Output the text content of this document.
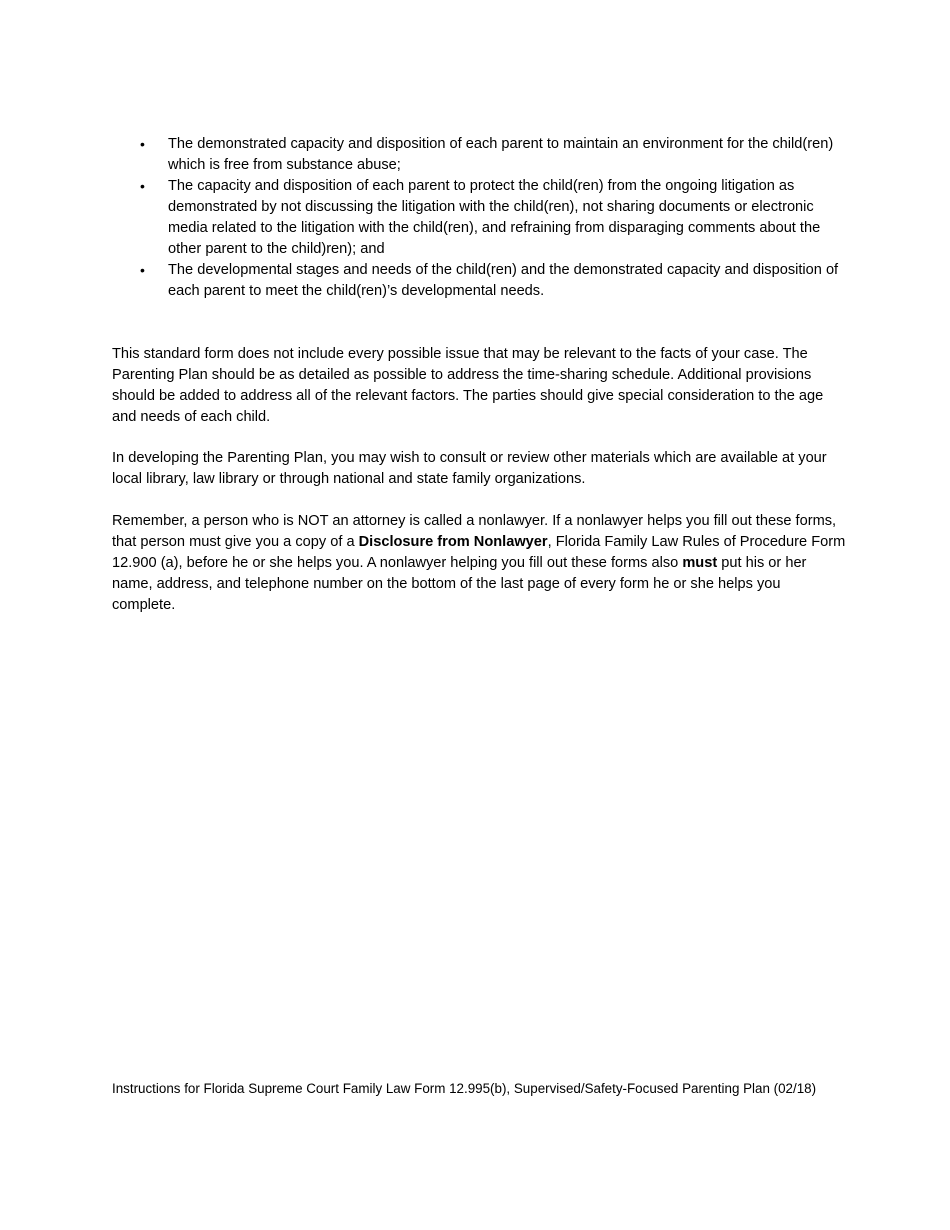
•	The demonstrated capacity and disposition of each parent to maintain an environment for the child(ren) which is free from substance abuse;
•	The capacity and disposition of each parent to protect the child(ren) from the ongoing litigation as demonstrated by not discussing the litigation with the child(ren), not sharing documents or electronic media related to the litigation with the child(ren), and refraining from disparaging comments about the other parent to the child)ren); and
•	The developmental stages and needs of the child(ren) and the demonstrated capacity and disposition of each parent to meet the child(ren)’s developmental needs.

This standard form does not include every possible issue that may be relevant to the facts of your case. The Parenting Plan should be as detailed as possible to address the time-sharing schedule. Additional provisions should be added to address all of the relevant factors. The parties should give special consideration to the age and needs of each child.

In developing the Parenting Plan, you may wish to consult or review other materials which are available at your local library, law library or through national and state family organizations.

Remember, a person who is NOT an attorney is called a nonlawyer. If a nonlawyer helps you fill out these forms, that person must give you a copy of a Disclosure from Nonlawyer, Florida Family Law Rules of Procedure Form 12.900 (a), before he or she helps you. A nonlawyer helping you fill out these forms also must put his or her name, address, and telephone number on the bottom of the last page of every form he or she helps you complete.

Instructions for Florida Supreme Court Family Law Form 12.995(b), Supervised/Safety-Focused Parenting Plan (02/18)
